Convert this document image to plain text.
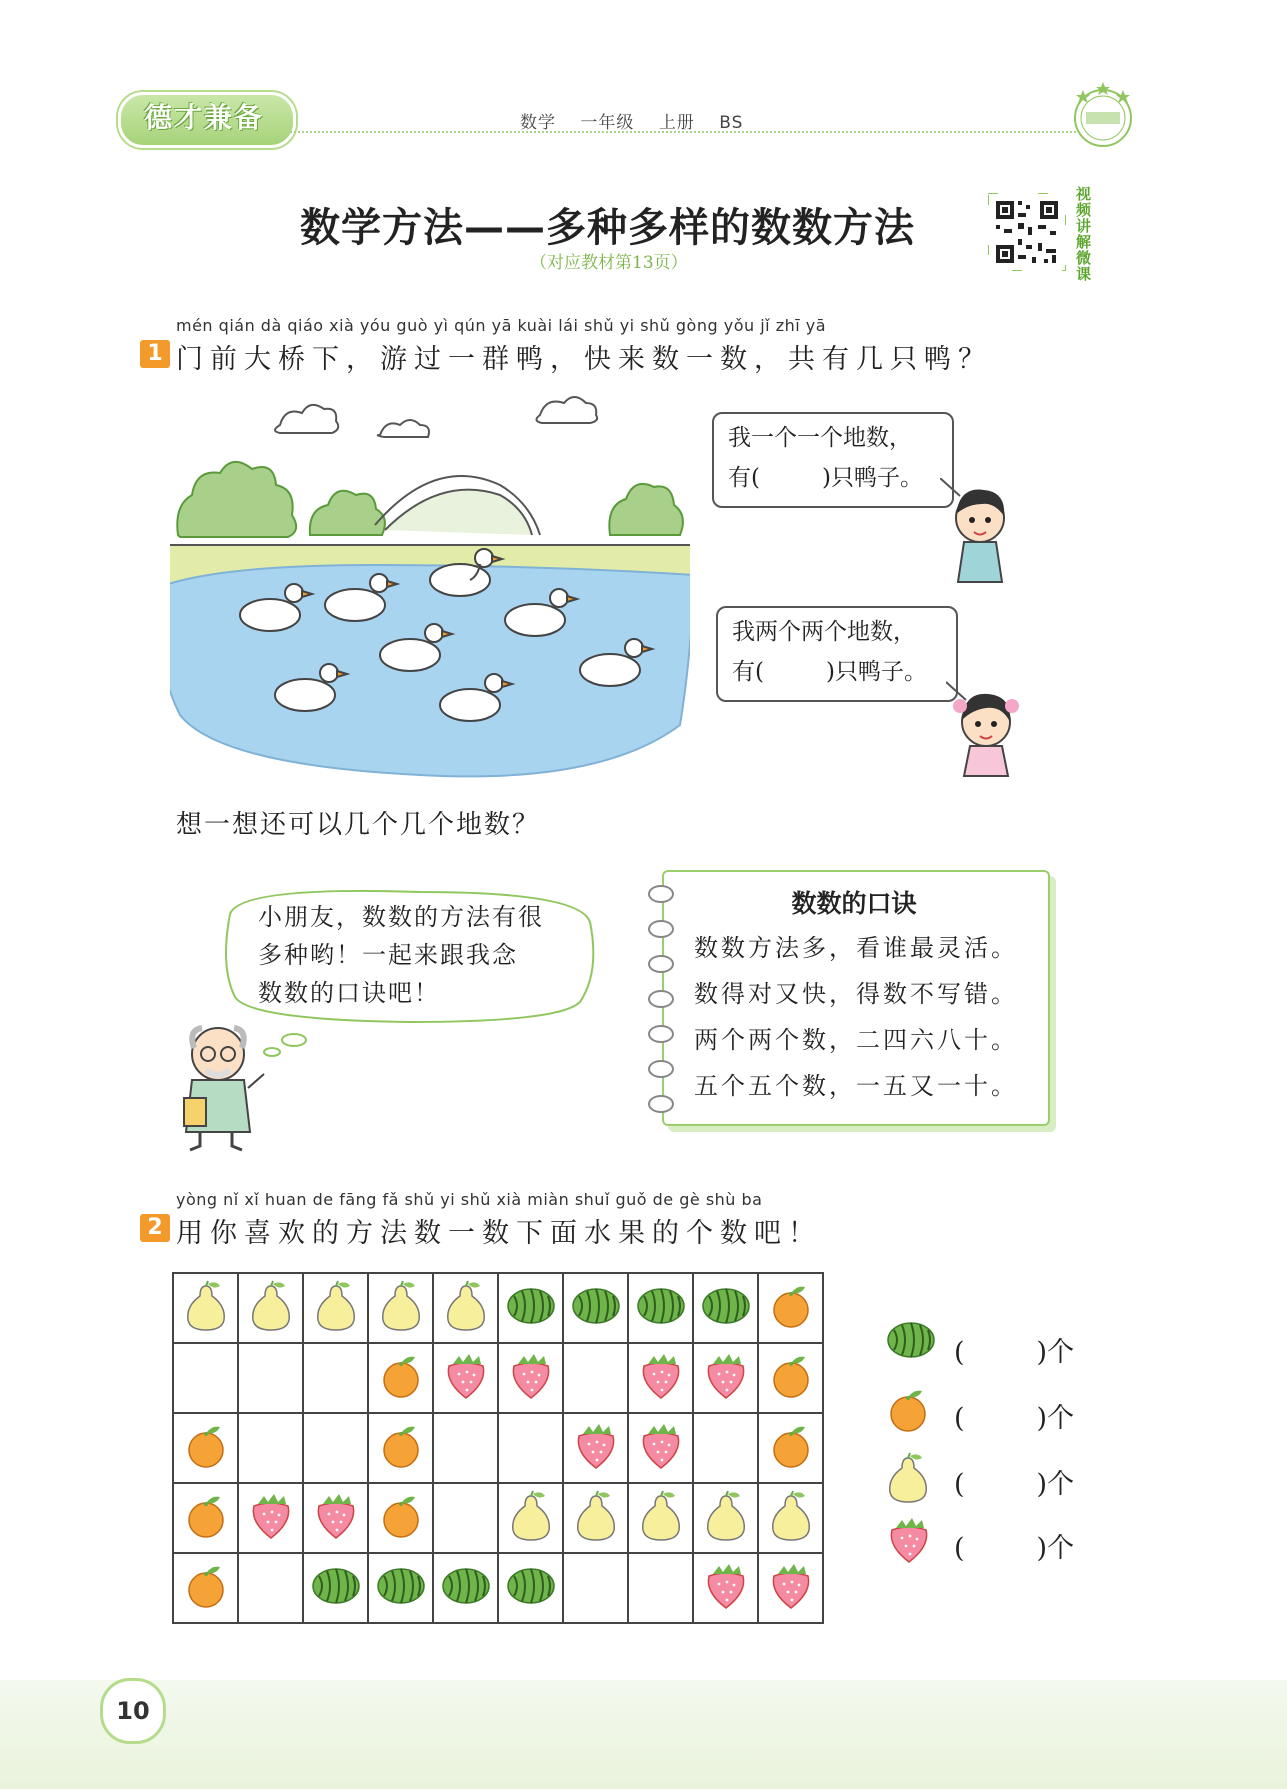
德才兼备	数学 一年级 上册 BS
数学方法——多种多样的数数方法
（对应教材第13页）
视频讲解微课
1
mén qián dà qiáo xià yóu guò yì qún yā kuài lái shǔ yi shǔ gòng yǒu jǐ zhī yā
门前大桥下，游过一群鸭，快来数一数，共有几只鸭？
我一个一个地数，
有(	)只鸭子。
我两个两个地数，
有(	)只鸭子。
想一想还可以几个几个地数？
小朋友，数数的方法有很
多种哟！一起来跟我念
数数的口诀吧！
数数的口诀
数数方法多，看谁最灵活。
数得对又快，得数不写错。
两个两个数，二四六八十。
五个五个数，一五又一十。
2
yòng nǐ xǐ huan de fāng fǎ shǔ yi shǔ xià miàn shuǐ guǒ de gè shù ba
用你喜欢的方法数一数下面水果的个数吧！

(	)个
(	)个
(	)个
(	)个
10
